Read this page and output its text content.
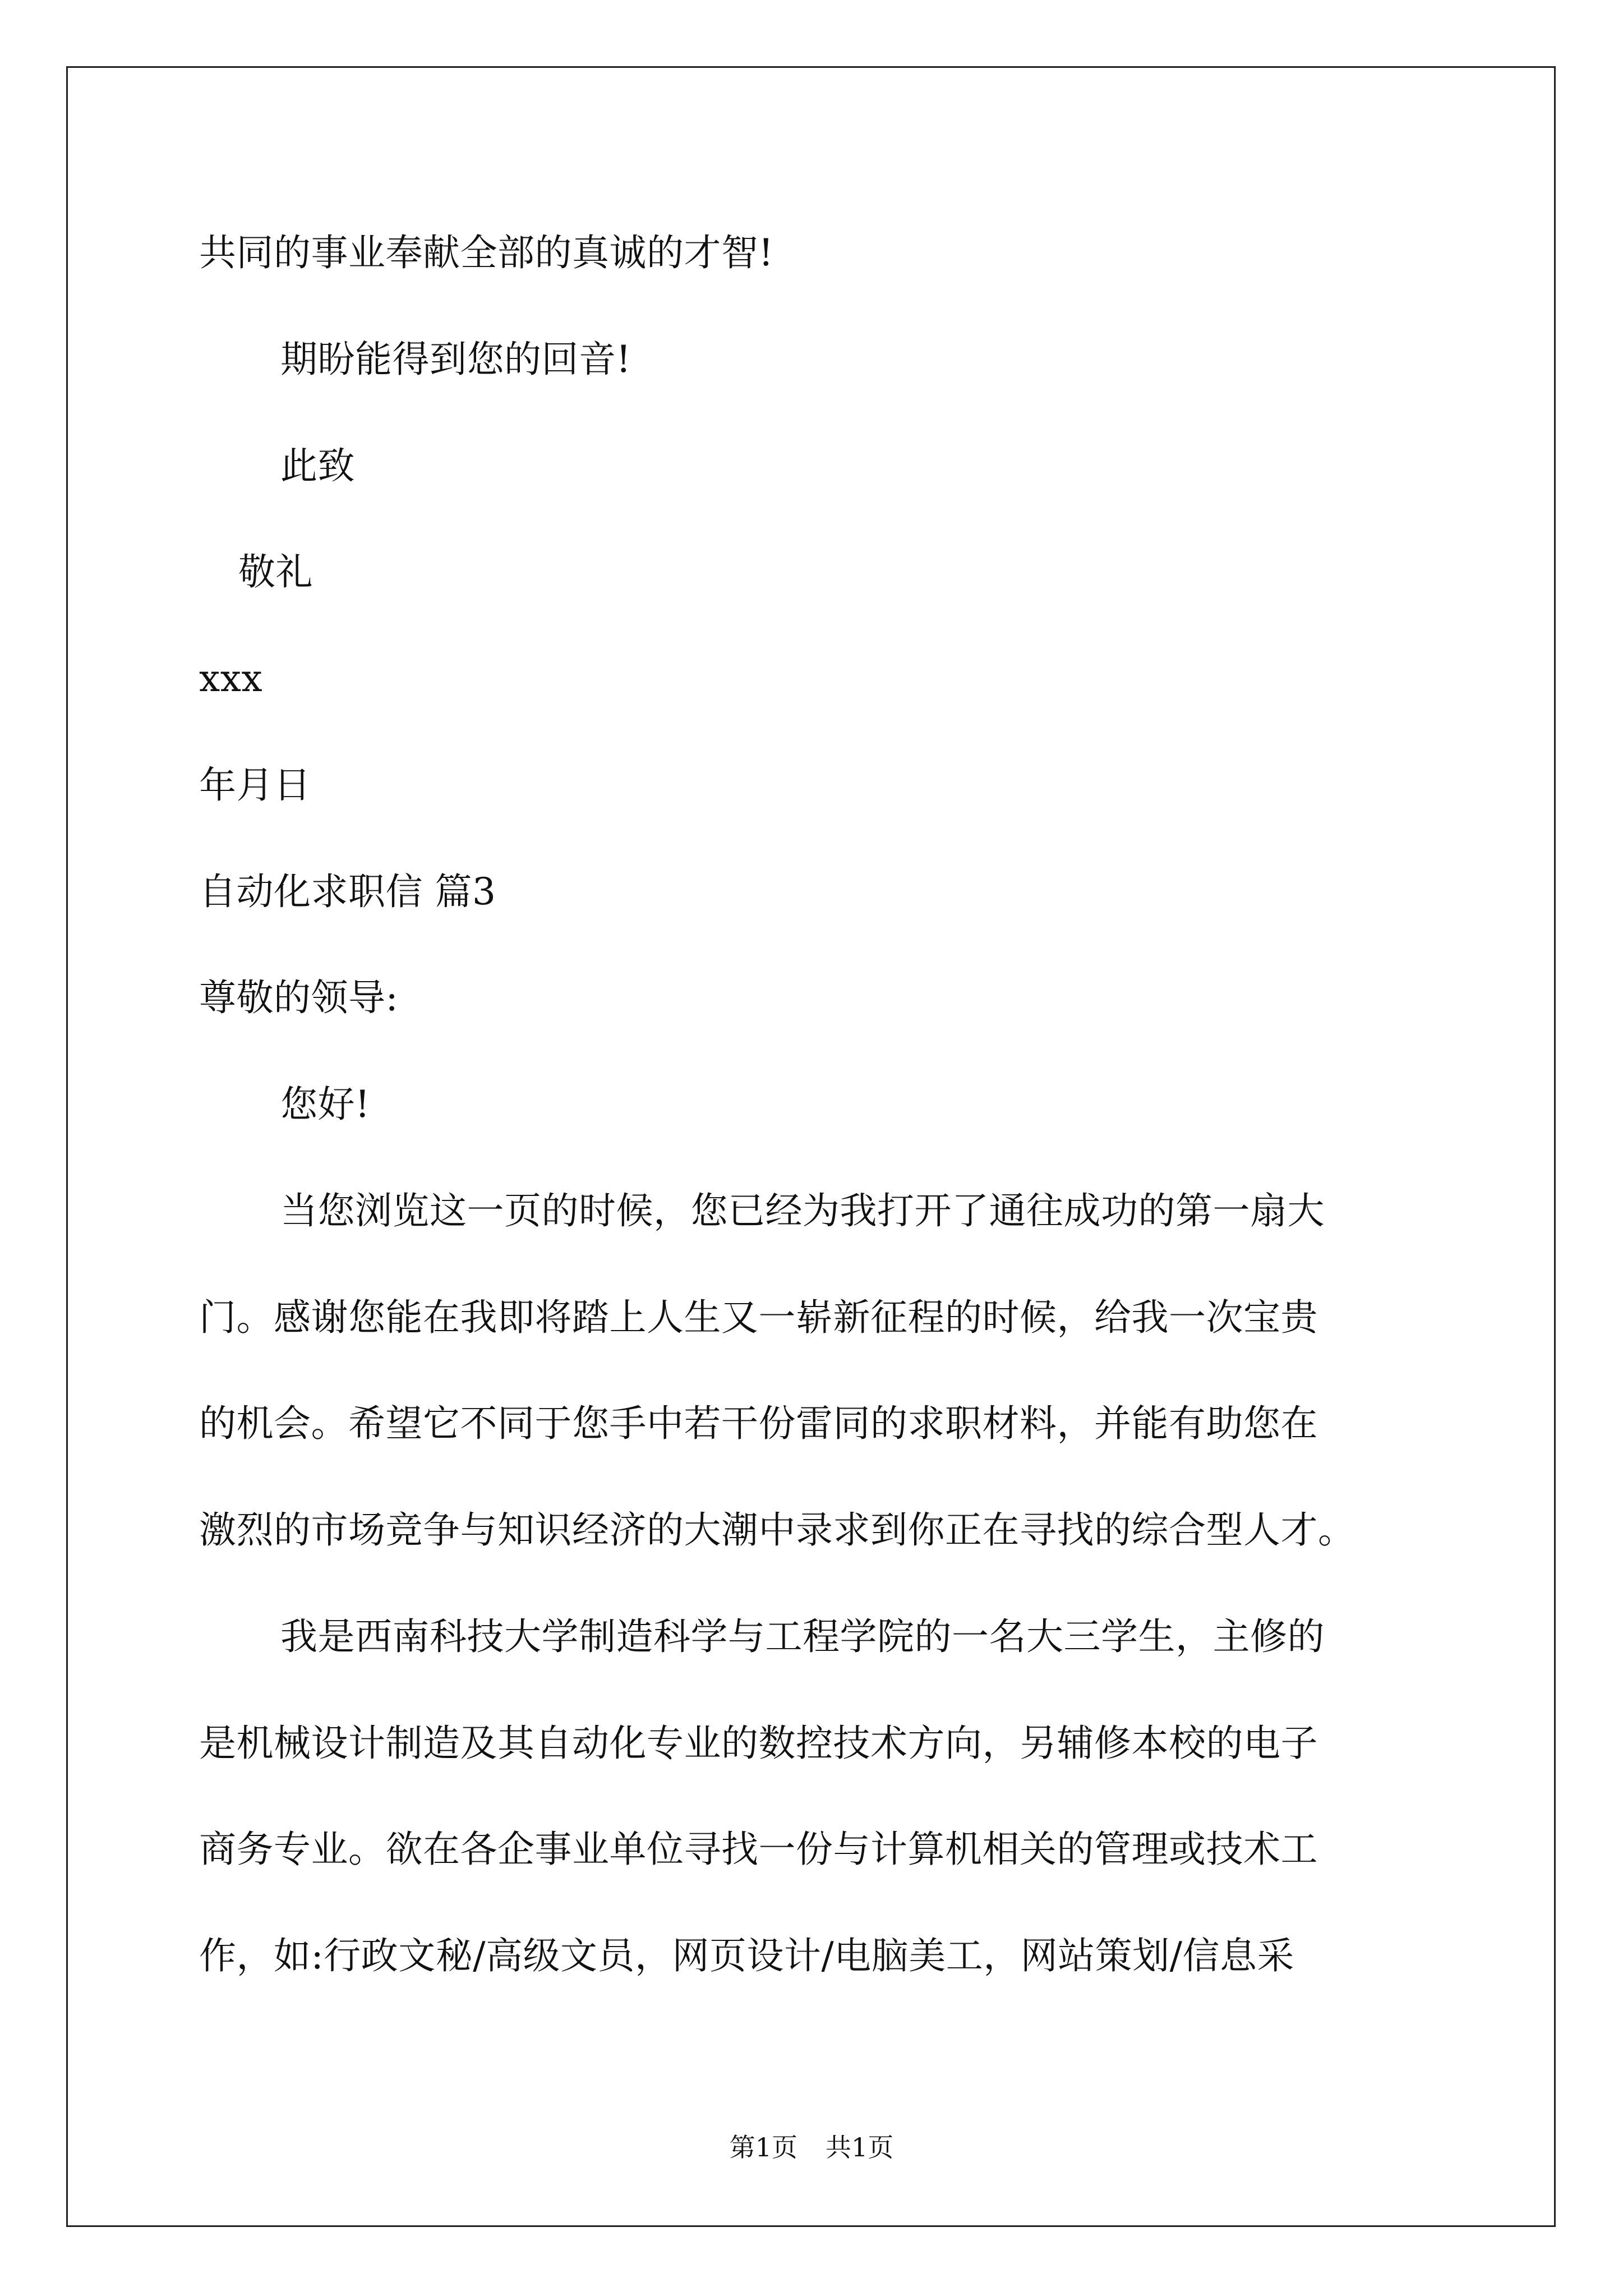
共同的事业奉献全部的真诚的才智!
期盼能得到您的回音!
此致
敬礼
xxx
年月日
自动化求职信 篇3
尊敬的领导:
您好!
当您浏览这一页的时候，您已经为我打开了通往成功的第一扇大
门。感谢您能在我即将踏上人生又一崭新征程的时候，给我一次宝贵
的机会。希望它不同于您手中若干份雷同的求职材料，并能有助您在
激烈的市场竞争与知识经济的大潮中录求到你正在寻找的综合型人才。
我是西南科技大学制造科学与工程学院的一名大三学生，主修的
是机械设计制造及其自动化专业的数控技术方向，另辅修本校的电子
商务专业。欲在各企事业单位寻找一份与计算机相关的管理或技术工
作，如:行政文秘/高级文员，网页设计/电脑美工，网站策划/信息采
第1页 共1页
